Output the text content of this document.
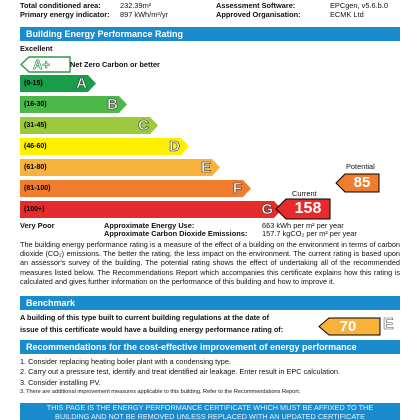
Total conditioned area:	232.39m²	Assessment Software:	EPCgen, v5.6.b.0
Primary energy indicator: 897 kWh/m²/yr	Approved Organisation:	ECMK Ltd
Building Energy Performance Rating
Excellent
A+	Net Zero Carbon or better
(0-15) A
(16-30)	B
(31-45)	C
(46-60)	D
(61-80)	E
(81-100)	F
(100+)	G
Potential
85
Current
158
Very Poor	Approximate Energy Use:	663 kWh per m² per year
Approximate Carbon Dioxide Emissions: 157.7 kgCO₂ per m² per year
The building energy performance rating is a measure of the effect of a building on the environment in terms of carbon dioxide (CO₂) emissions. The better the rating, the less impact on the environment. The current rating is based upon an assessor's survey of the building. The potential rating shows the effect of undertaking all of the recommended measures listed below. The Recommendations Report which accompanies this certificate explains how this rating is calculated and gives further information on the performance of this building and how to improve it.
Benchmark
A building of this type built to current building regulations at the date of
issue of this certificate would have a building energy performance rating of:	70	E
Recommendations for the cost-effective improvement of energy performance
1. Consider replacing heating boiler plant with a condensing type.
2. Carry out a pressure test, identify and treat identified air leakage. Enter result in EPC calculation.
3. Consider installing PV.
3. There are additional improvement measures applicable to this building. Refer to the Recommendations Report.
THIS PAGE IS THE ENERGY PERFORMANCE CERTIFICATE WHICH MUST BE AFFIXED TO THE
BUILDING AND NOT BE REMOVED UNLESS REPLACED WITH AN UPDATED CERTIFICATE
